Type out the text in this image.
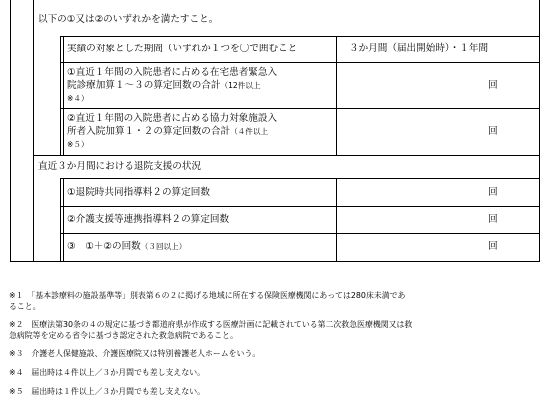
以下の①又は②のいずれかを満たすこと。
実績の対象とした期間（いずれか１つを〇で囲むこと	３か月間（届出開始時）・１年間
①直近１年間の入院患者に占める在宅患者緊急入
院診療加算１～３の算定回数の合計（12件以上
※４）
回
②直近１年間の入院患者に占める協力対象施設入
所者入院加算１・２の算定回数の合計（４件以上
※５）
回
直近３か月間における退院支援の状況
①退院時共同指導料２の算定回数	回
②介護支援等連携指導料２の算定回数	回
③　①＋②の回数（３回以上）	回
※１　「基本診療料の施設基準等」別表第６の２に掲げる地域に所在する保険医療機関にあっては280床未満であ
ること。
※２　医療法第30条の４の規定に基づき都道府県が作成する医療計画に記載されている第二次救急医療機関又は救
急病院等を定める省令に基づき認定された救急病院であること。
※３　介護老人保健施設、介護医療院又は特別養護老人ホームをいう。
※４　届出時は４件以上／３か月間でも差し支えない。
※５　届出時は１件以上／３か月間でも差し支えない。
